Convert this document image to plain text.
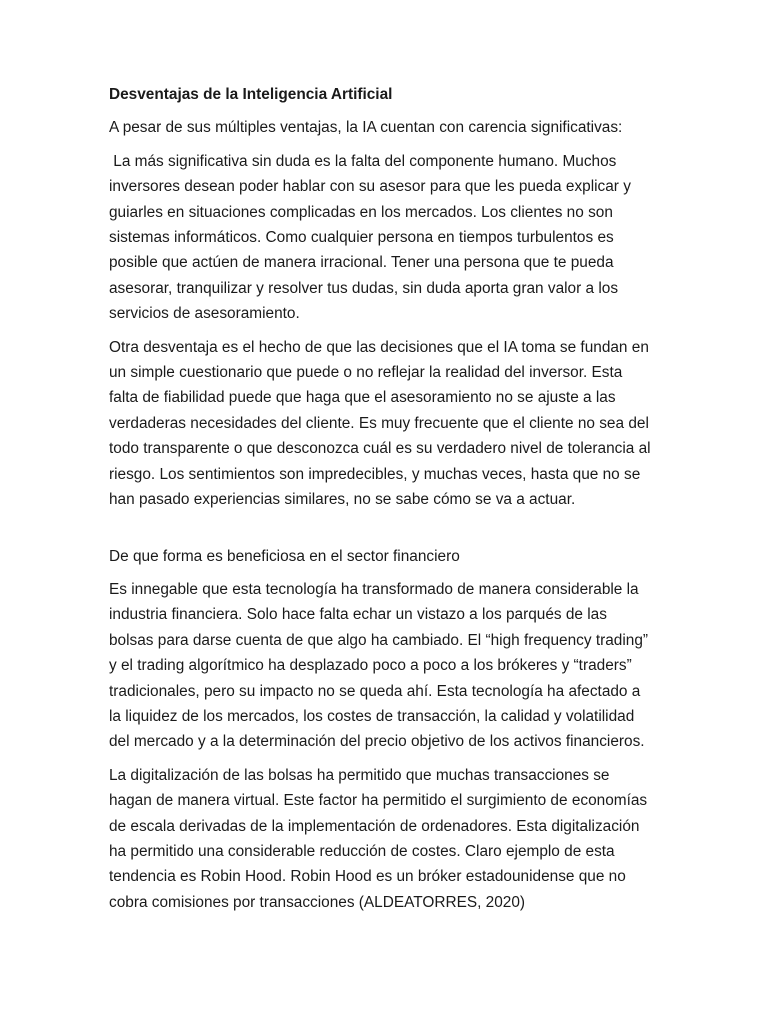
Desventajas de la Inteligencia Artificial
A pesar de sus múltiples ventajas, la IA cuentan con carencia significativas:
La más significativa sin duda es la falta del componente humano. Muchos
inversores desean poder hablar con su asesor para que les pueda explicar y
guiarles en situaciones complicadas en los mercados. Los clientes no son
sistemas informáticos. Como cualquier persona en tiempos turbulentos es
posible que actúen de manera irracional. Tener una persona que te pueda
asesorar, tranquilizar y resolver tus dudas, sin duda aporta gran valor a los
servicios de asesoramiento.
Otra desventaja es el hecho de que las decisiones que el IA toma se fundan en
un simple cuestionario que puede o no reflejar la realidad del inversor. Esta
falta de fiabilidad puede que haga que el asesoramiento no se ajuste a las
verdaderas necesidades del cliente. Es muy frecuente que el cliente no sea del
todo transparente o que desconozca cuál es su verdadero nivel de tolerancia al
riesgo. Los sentimientos son impredecibles, y muchas veces, hasta que no se
han pasado experiencias similares, no se sabe cómo se va a actuar.
De que forma es beneficiosa en el sector financiero
Es innegable que esta tecnología ha transformado de manera considerable la
industria financiera. Solo hace falta echar un vistazo a los parqués de las
bolsas para darse cuenta de que algo ha cambiado. El “high frequency trading”
y el trading algorítmico ha desplazado poco a poco a los brókeres y “traders”
tradicionales, pero su impacto no se queda ahí. Esta tecnología ha afectado a
la liquidez de los mercados, los costes de transacción, la calidad y volatilidad
del mercado y a la determinación del precio objetivo de los activos financieros.
La digitalización de las bolsas ha permitido que muchas transacciones se
hagan de manera virtual. Este factor ha permitido el surgimiento de economías
de escala derivadas de la implementación de ordenadores. Esta digitalización
ha permitido una considerable reducción de costes. Claro ejemplo de esta
tendencia es Robin Hood. Robin Hood es un bróker estadounidense que no
cobra comisiones por transacciones (ALDEATORRES, 2020)
